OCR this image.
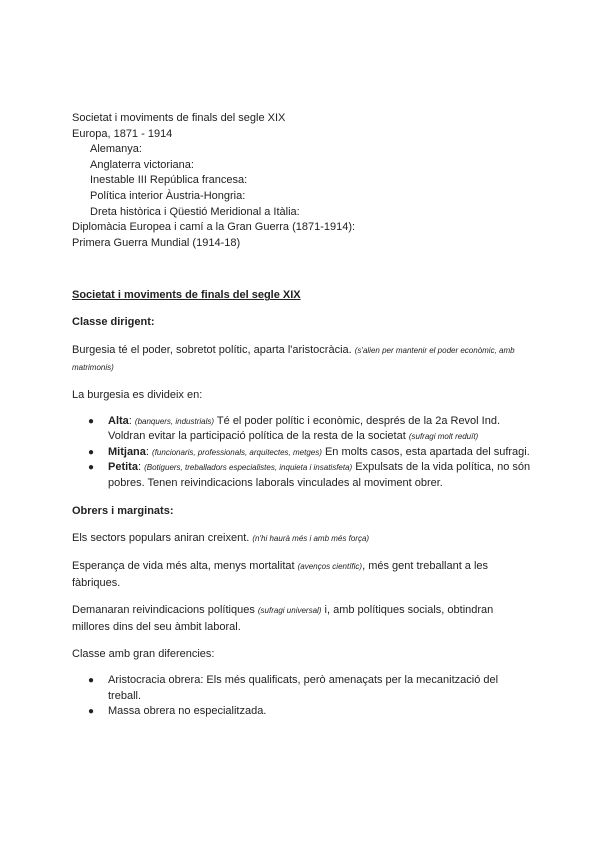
Societat i moviments de finals del segle XIX
Europa, 1871 - 1914
Alemanya:
Anglaterra victoriana:
Inestable III República francesa:
Política interior Àustria-Hongria:
Dreta històrica i Qüestió Meridional a Itàlia:
Diplomàcia Europea i camí a la Gran Guerra (1871-1914):
Primera Guerra Mundial (1914-18)
Societat i moviments de finals del segle XIX
Classe dirigent:

Burgesia té el poder, sobretot polític, aparta l'aristocràcia. (s'alien per mantenir el poder econòmic, amb matrimonis)

La burgesia es divideix en:

● Alta: (banquers, industrials) Té el poder polític i econòmic, després de la 2a Revol Ind. Voldran evitar la participació política de la resta de la societat (sufragi molt reduït)
● Mitjana: (funcionaris, professionals, arquitectes, metges) En molts casos, esta apartada del sufragi.
● Petita: (Botiguers, treballadors especialistes, inquieta i insatisfeta) Expulsats de la vida política, no són pobres. Tenen reivindicacions laborals vinculades al moviment obrer.
Obrers i marginats:

Els sectors populars aniran creixent. (n'hi haurà més i amb més força)

Esperança de vida més alta, menys mortalitat (avenços científic), més gent treballant a les fàbriques.

Demanaran reivindicacions polítiques (sufragi universal) i, amb polítiques socials, obtindran millores dins del seu àmbit laboral.

Classe amb gran diferencies:

● Aristocracia obrera: Els més qualificats, però amenaçats per la mecanització del treball.
● Massa obrera no especialitzada.
